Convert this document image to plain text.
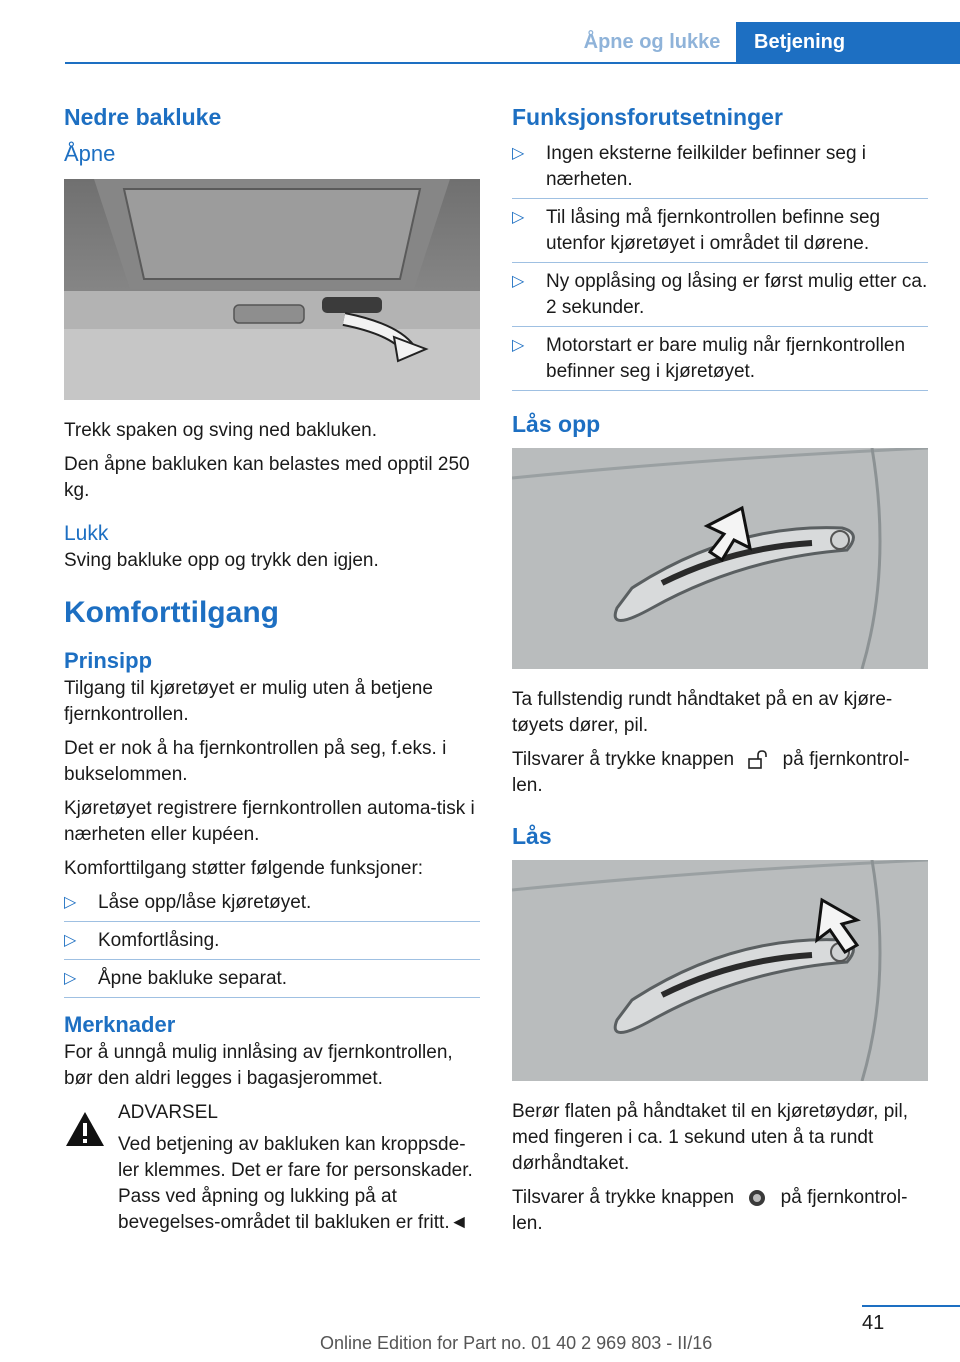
Åpne og lukke	Betjening
Nedre bakluke
Åpne

Trekk spaken og sving ned bakluken.

Den åpne bakluken kan belastes med opptil 250 kg.

Lukk

Sving bakluke opp og trykk den igjen.

Komforttilgang
Prinsipp

Tilgang til kjøretøyet er mulig uten å betjene fjernkontrollen.

Det er nok å ha fjernkontrollen på seg, f.eks. i bukselommen.

Kjøretøyet registrere fjernkontrollen automa‐tisk i nærheten eller kupéen.

Komforttilgang støtter følgende funksjoner:

▷ Låse opp/låse kjøretøyet.
▷ Komfortlåsing.
▷ Åpne bakluke separat.
Merknader

For å unngå mulig innlåsing av fjernkontrollen, bør den aldri legges i bagasjerommet.

ADVARSEL
Ved betjening av bakluken kan kroppsde‐ler klemmes. Det er fare for personskader. Pass ved åpning og lukking på at bevegelses‐området til bakluken er fritt.◄
Funksjonsforutsetninger
▷ Ingen eksterne feilkilder befinner seg i nærheten.
▷ Til låsing må fjernkontrollen befinne seg utenfor kjøretøyet i området til dørene.
▷ Ny opplåsing og låsing er først mulig etter ca. 2 sekunder.
▷ Motorstart er bare mulig når fjernkontrollen befinner seg i kjøretøyet.
Lås opp

Ta fullstendig rundt håndtaket på en av kjøre‐tøyets dører, pil.

Tilsvarer å trykke knappen	på fjernkontrol‐len.

Lås

Berør flaten på håndtaket til en kjøretøydør, pil, med fingeren i ca. 1 sekund uten å ta rundt dørhåndtaket.

Tilsvarer å trykke knappen på fjernkontrol‐len.

41
Online Edition for Part no. 01 40 2 969 803 - II/16
